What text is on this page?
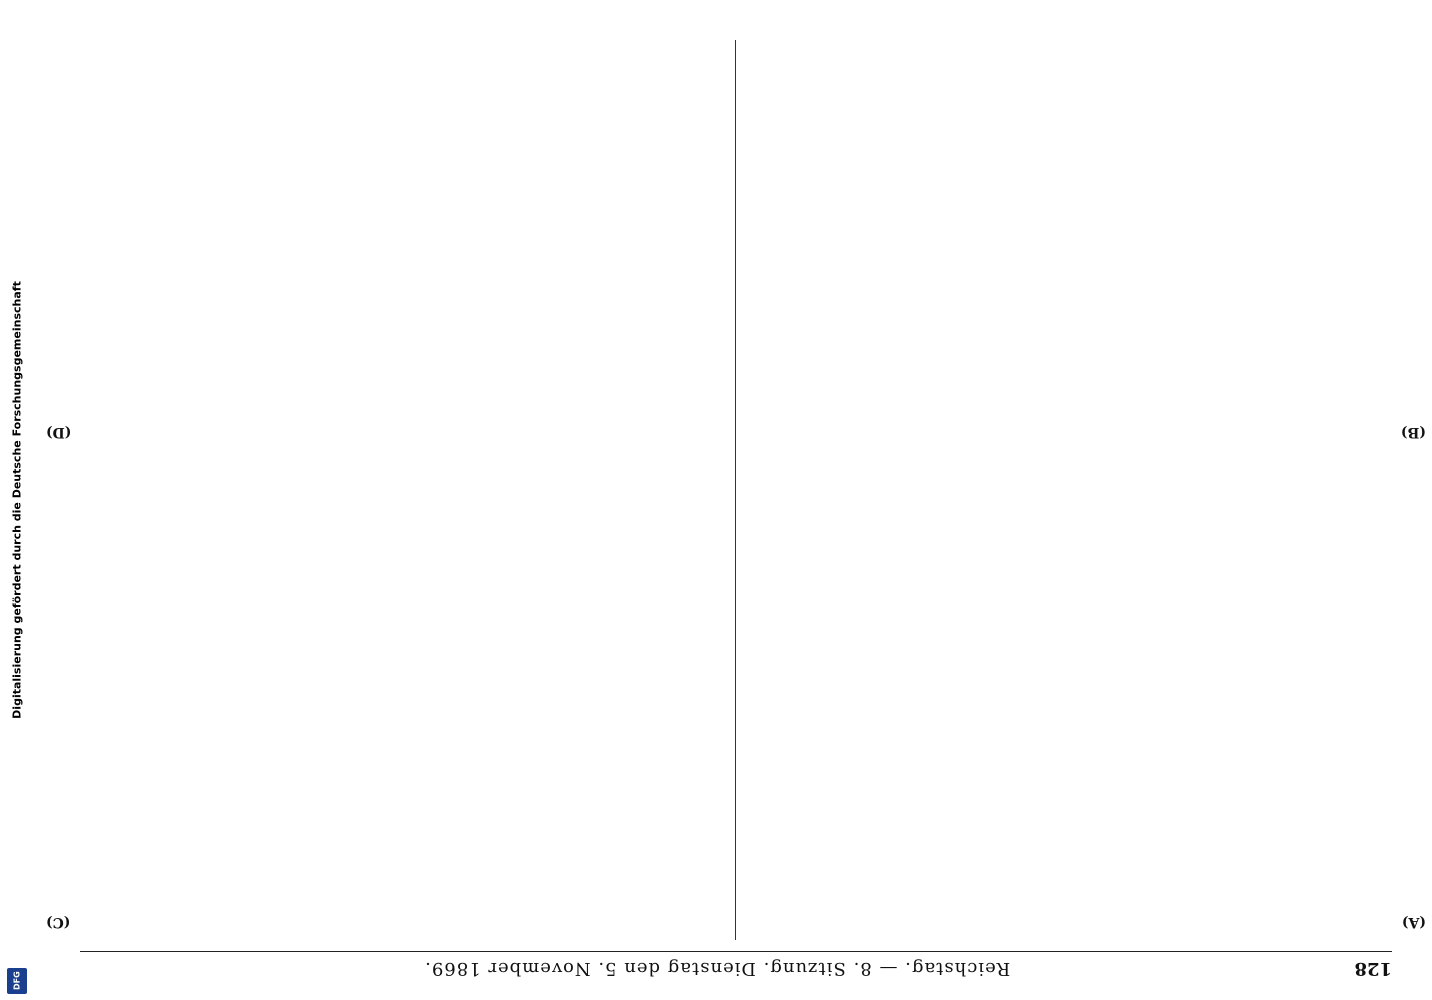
Digitalisierung gefördert durch die Deutsche Forschungsgemeinschaft
DFG
128
Reichstag. — 8. Sitzung. Dienstag den 5. November 1869.
(A)
(B)
(C)
(D)
